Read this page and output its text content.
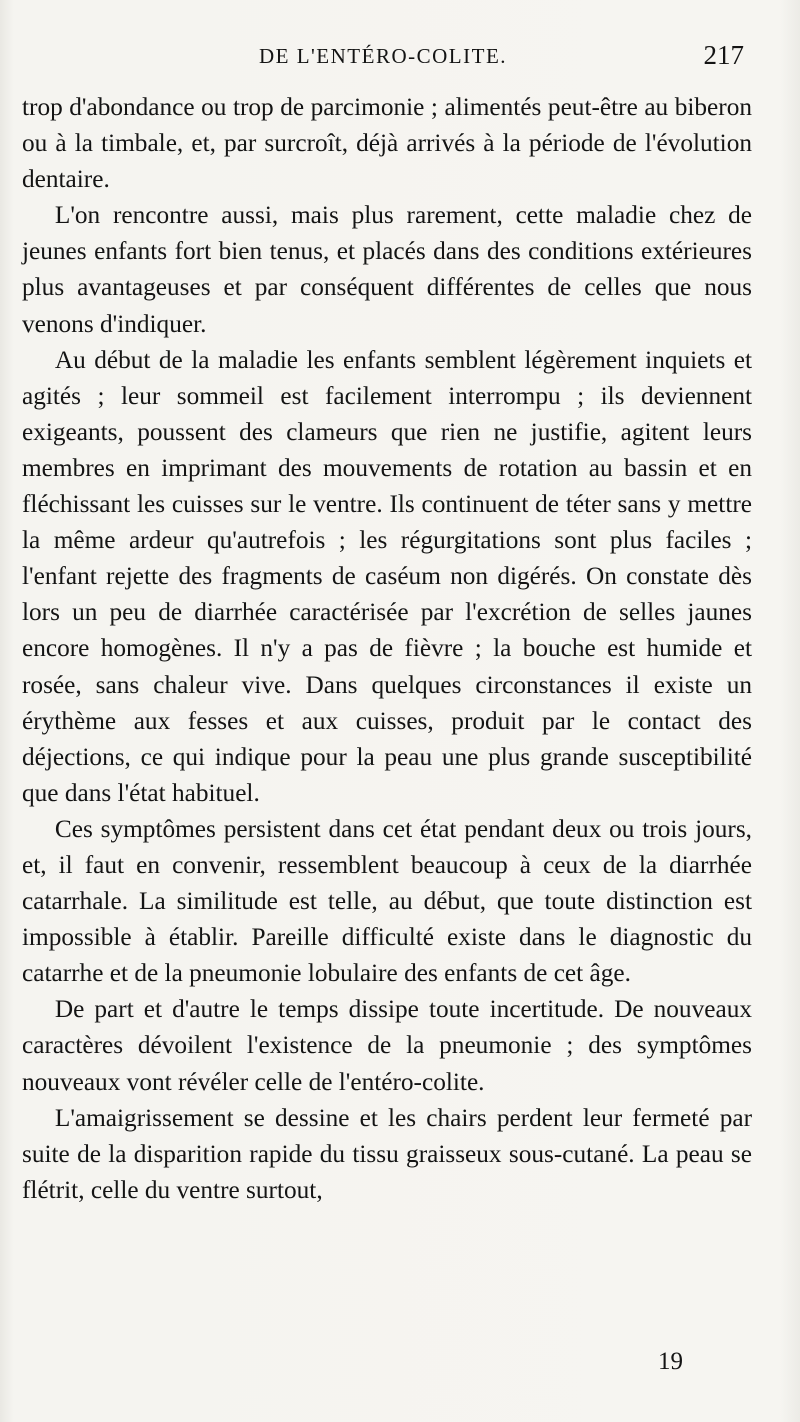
DE L'ENTÉRO-COLITE.	217

trop d'abondance ou trop de parcimonie ; alimentés peut-être au biberon ou à la timbale, et, par surcroît, déjà arrivés à la période de l'évolution dentaire.

L'on rencontre aussi, mais plus rarement, cette maladie chez de jeunes enfants fort bien tenus, et placés dans des conditions extérieures plus avantageuses et par conséquent différentes de celles que nous venons d'indiquer.

Au début de la maladie les enfants semblent légèrement inquiets et agités ; leur sommeil est facilement interrompu ; ils deviennent exigeants, poussent des clameurs que rien ne justifie, agitent leurs membres en imprimant des mouvements de rotation au bassin et en fléchissant les cuisses sur le ventre. Ils continuent de téter sans y mettre la même ardeur qu'autrefois ; les régurgitations sont plus faciles ; l'enfant rejette des fragments de caséum non digérés. On constate dès lors un peu de diarrhée caractérisée par l'excrétion de selles jaunes encore homogènes. Il n'y a pas de fièvre ; la bouche est humide et rosée, sans chaleur vive. Dans quelques circonstances il existe un érythème aux fesses et aux cuisses, produit par le contact des déjections, ce qui indique pour la peau une plus grande susceptibilité que dans l'état habituel.

Ces symptômes persistent dans cet état pendant deux ou trois jours, et, il faut en convenir, ressemblent beaucoup à ceux de la diarrhée catarrhale. La similitude est telle, au début, que toute distinction est impossible à établir. Pareille difficulté existe dans le diagnostic du catarrhe et de la pneumonie lobulaire des enfants de cet âge.

De part et d'autre le temps dissipe toute incertitude. De nouveaux caractères dévoilent l'existence de la pneumonie ; des symptômes nouveaux vont révéler celle de l'entéro-colite.

L'amaigrissement se dessine et les chairs perdent leur fermeté par suite de la disparition rapide du tissu graisseux sous-cutané. La peau se flétrit, celle du ventre surtout,

19
